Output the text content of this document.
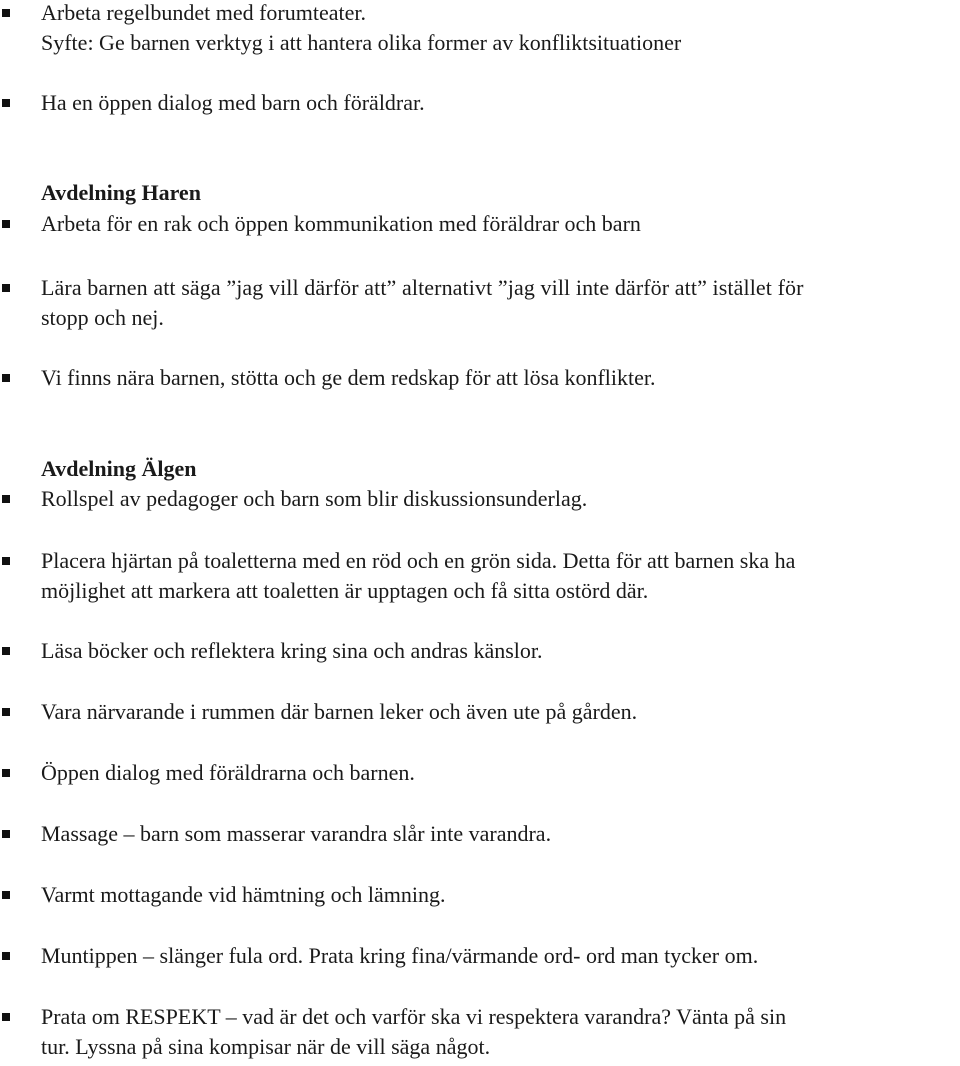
Arbeta regelbundet med forumteater.
Syfte: Ge barnen verktyg i att hantera olika former av konfliktsituationer
Ha en öppen dialog med barn och föräldrar.
Avdelning Haren
Arbeta för en rak och öppen kommunikation med föräldrar och barn
Lära barnen att säga ”jag vill därför att” alternativt ”jag vill inte därför att” istället för
stopp och nej.
Vi finns nära barnen, stötta och ge dem redskap för att lösa konflikter.
Avdelning Älgen
Rollspel av pedagoger och barn som blir diskussionsunderlag.
Placera hjärtan på toaletterna med en röd och en grön sida. Detta för att barnen ska ha
möjlighet att markera att toaletten är upptagen och få sitta ostörd där.
Läsa böcker och reflektera kring sina och andras känslor.
Vara närvarande i rummen där barnen leker och även ute på gården.
Öppen dialog med föräldrarna och barnen.
Massage – barn som masserar varandra slår inte varandra.
Varmt mottagande vid hämtning och lämning.
Muntippen – slänger fula ord. Prata kring fina/värmande ord- ord man tycker om.
Prata om RESPEKT – vad är det och varför ska vi respektera varandra? Vänta på sin
tur. Lyssna på sina kompisar när de vill säga något.
